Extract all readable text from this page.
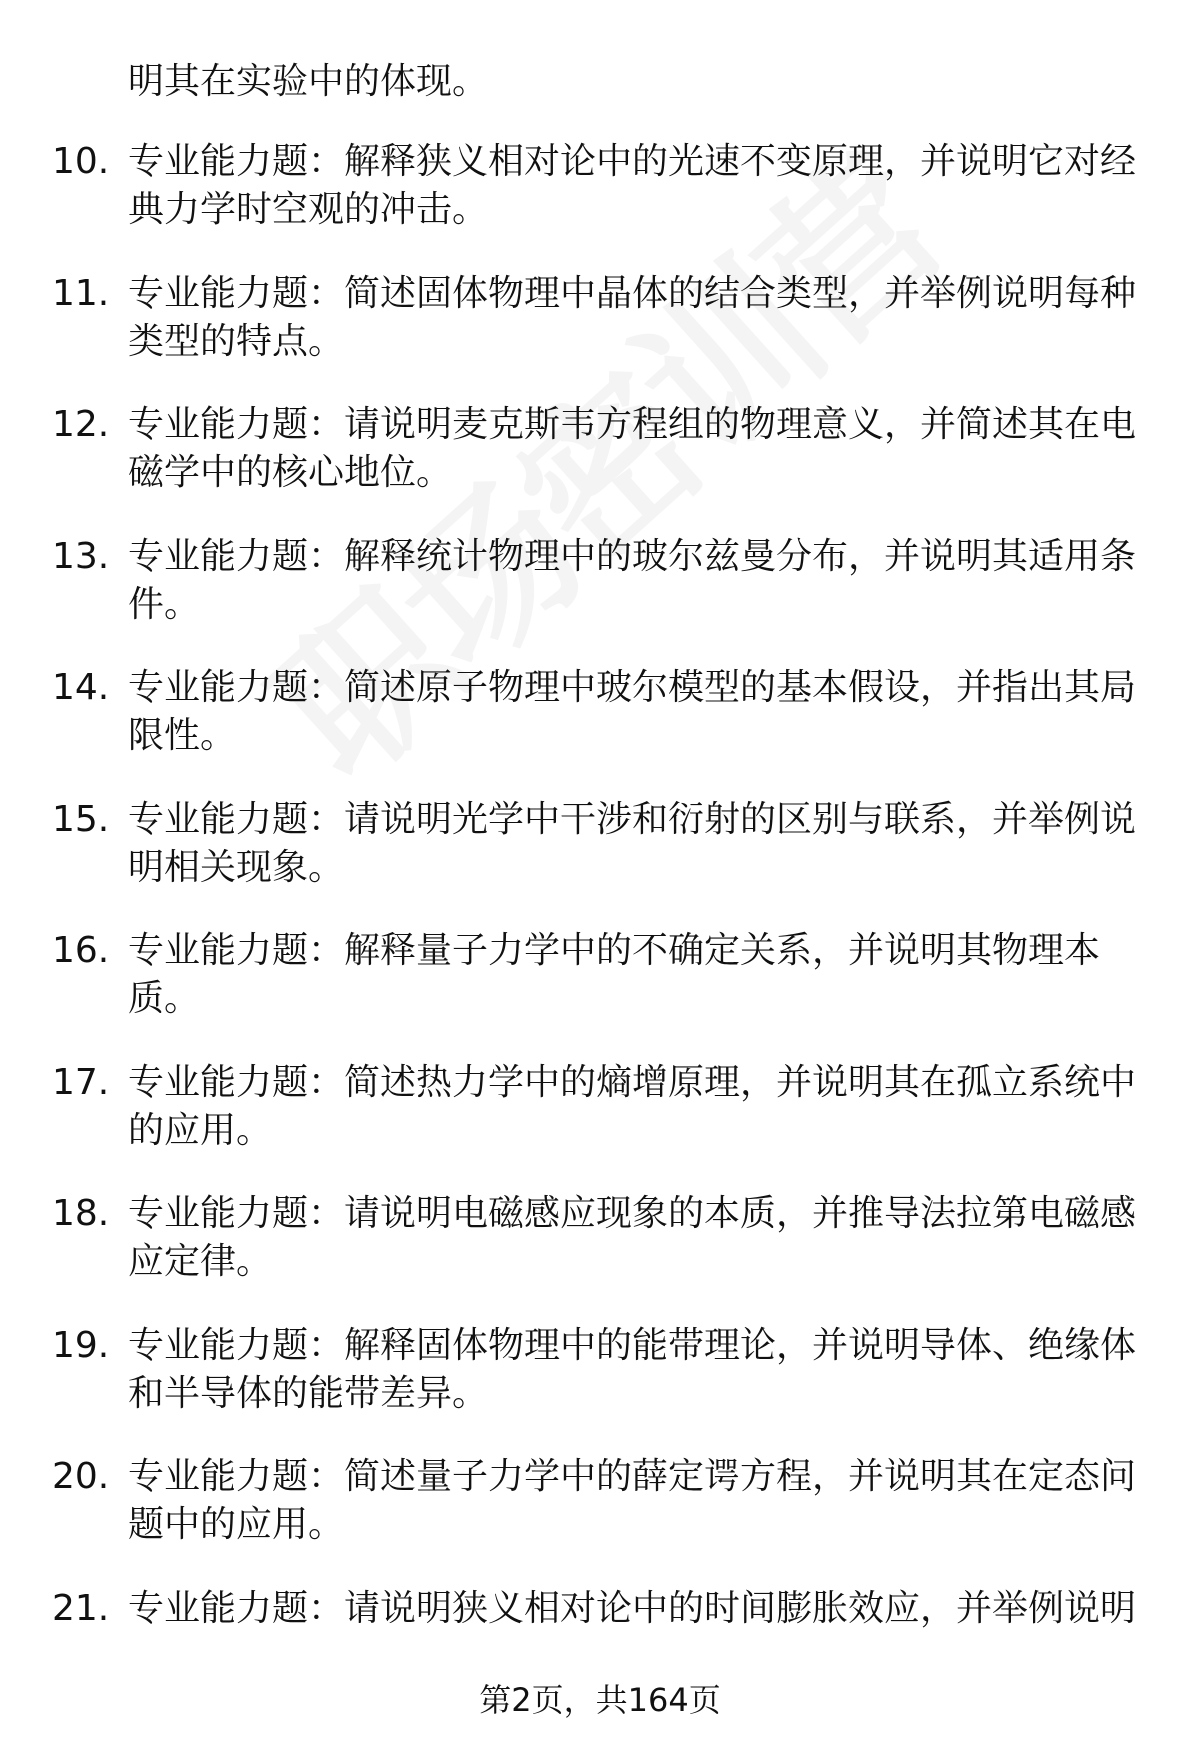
明其在实验中的体现。
10. 专业能力题：解释狭义相对论中的光速不变原理，并说明它对经典力学时空观的冲击。
11. 专业能力题：简述固体物理中晶体的结合类型，并举例说明每种类型的特点。
12. 专业能力题：请说明麦克斯韦方程组的物理意义，并简述其在电磁学中的核心地位。
13. 专业能力题：解释统计物理中的玻尔兹曼分布，并说明其适用条件。
14. 专业能力题：简述原子物理中玻尔模型的基本假设，并指出其局限性。
15. 专业能力题：请说明光学中干涉和衍射的区别与联系，并举例说明相关现象。
16. 专业能力题：解释量子力学中的不确定关系，并说明其物理本质。
17. 专业能力题：简述热力学中的熵增原理，并说明其在孤立系统中的应用。
18. 专业能力题：请说明电磁感应现象的本质，并推导法拉第电磁感应定律。
19. 专业能力题：解释固体物理中的能带理论，并说明导体、绝缘体和半导体的能带差异。
20. 专业能力题：简述量子力学中的薛定谔方程，并说明其在定态问题中的应用。
21. 专业能力题：请说明狭义相对论中的时间膨胀效应，并举例说明
第2页，共164页
